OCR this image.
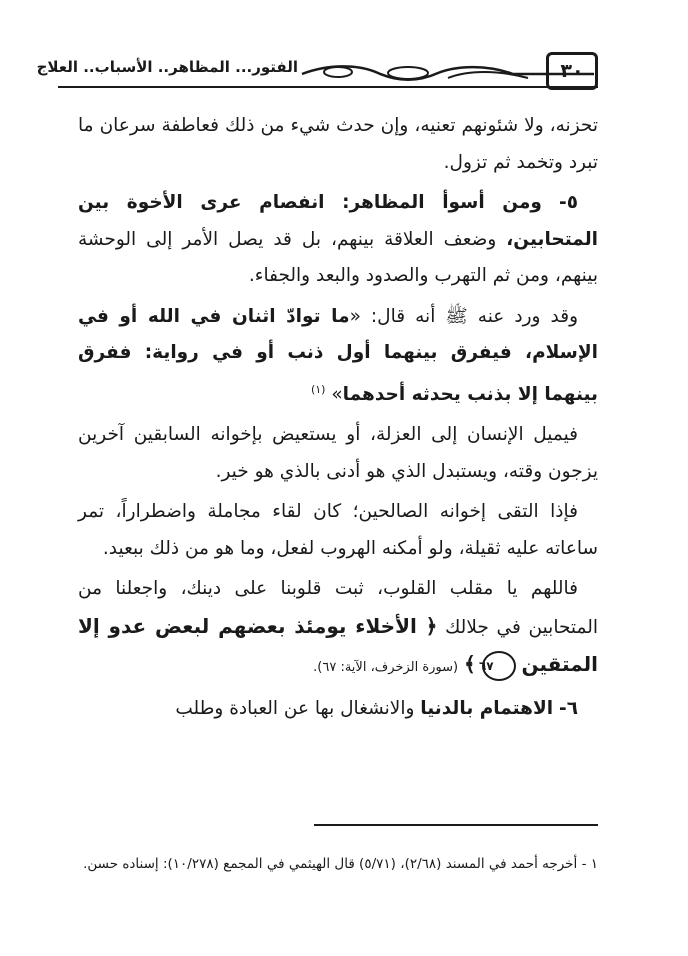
الفتور... المظاهر.. الأسباب.. العلاج	٣٠

تحزنه، ولا شئونهم تعنيه، وإن حدث شيء من ذلك فعاطفة سرعان ما تبرد وتخمد ثم تزول.

٥- ومن أسوأ المظاهر: انفصام عرى الأخوة بين المتحابين، وضعف العلاقة بينهم، بل قد يصل الأمر إلى الوحشة بينهم، ومن ثم التهرب والصدود والبعد والجفاء.

وقد ورد عنه ﷺ أنه قال: «ما توادّ اثنان في الله أو في الإسلام، فيفرق بينهما أول ذنب أو في رواية: ففرق بينهما إلا بذنب يحدثه أحدهما» $^{(١)}$

فيميل الإنسان إلى العزلة، أو يستعيض بإخوانه السابقين آخرين يزجون وقته، ويستبدل الذي هو أدنى بالذي هو خير.

فإذا التقى إخوانه الصالحين؛ كان لقاء مجاملة واضطراراً، تمر ساعاته عليه ثقيلة، ولو أمكنه الهروب لفعل، وما هو من ذلك ببعيد.

فاللهم يا مقلب القلوب، ثبت قلوبنا على دينك، واجعلنا من المتحابين في جلالك ﴿ الأخلاء يومئذ بعضهم لبعض عدو إلا المتقين ٦٧ ﴾ (سورة الزخرف، الآية: ٦٧).

٦- الاهتمام بالدنيا والانشغال بها عن العبادة وطلب

١ - أخرجه أحمد في المسند (٢/٦٨)، (٥/٧١) قال الهيثمي في المجمع (١٠/٢٧٨): إسناده حسن.
